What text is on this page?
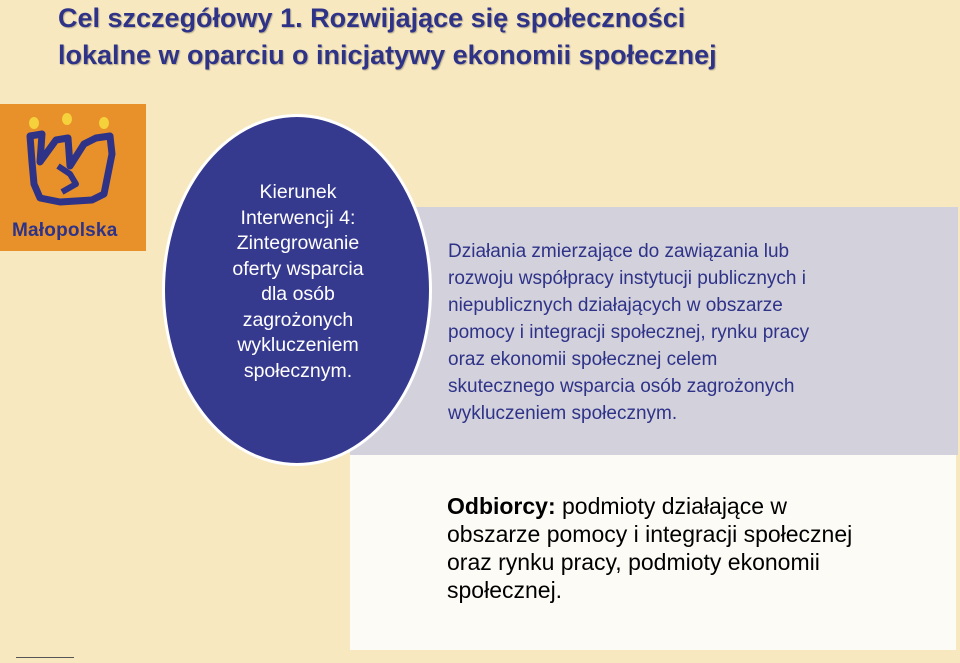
Cel szczegółowy 1. Rozwijające się społeczności
lokalne w oparciu o inicjatywy ekonomii społecznej
Małopolska
Działania zmierzające do zawiązania lub
rozwoju współpracy instytucji publicznych i
niepublicznych działających w obszarze
pomocy i integracji społecznej, rynku pracy
oraz ekonomii społecznej celem
skutecznego wsparcia osób zagrożonych
wykluczeniem społecznym.
Odbiorcy: podmioty działające w
obszarze pomocy i integracji społecznej
oraz rynku pracy, podmioty ekonomii
społecznej.
Kierunek
Interwencji 4:
Zintegrowanie
oferty wsparcia
dla osób
zagrożonych
wykluczeniem
społecznym.
